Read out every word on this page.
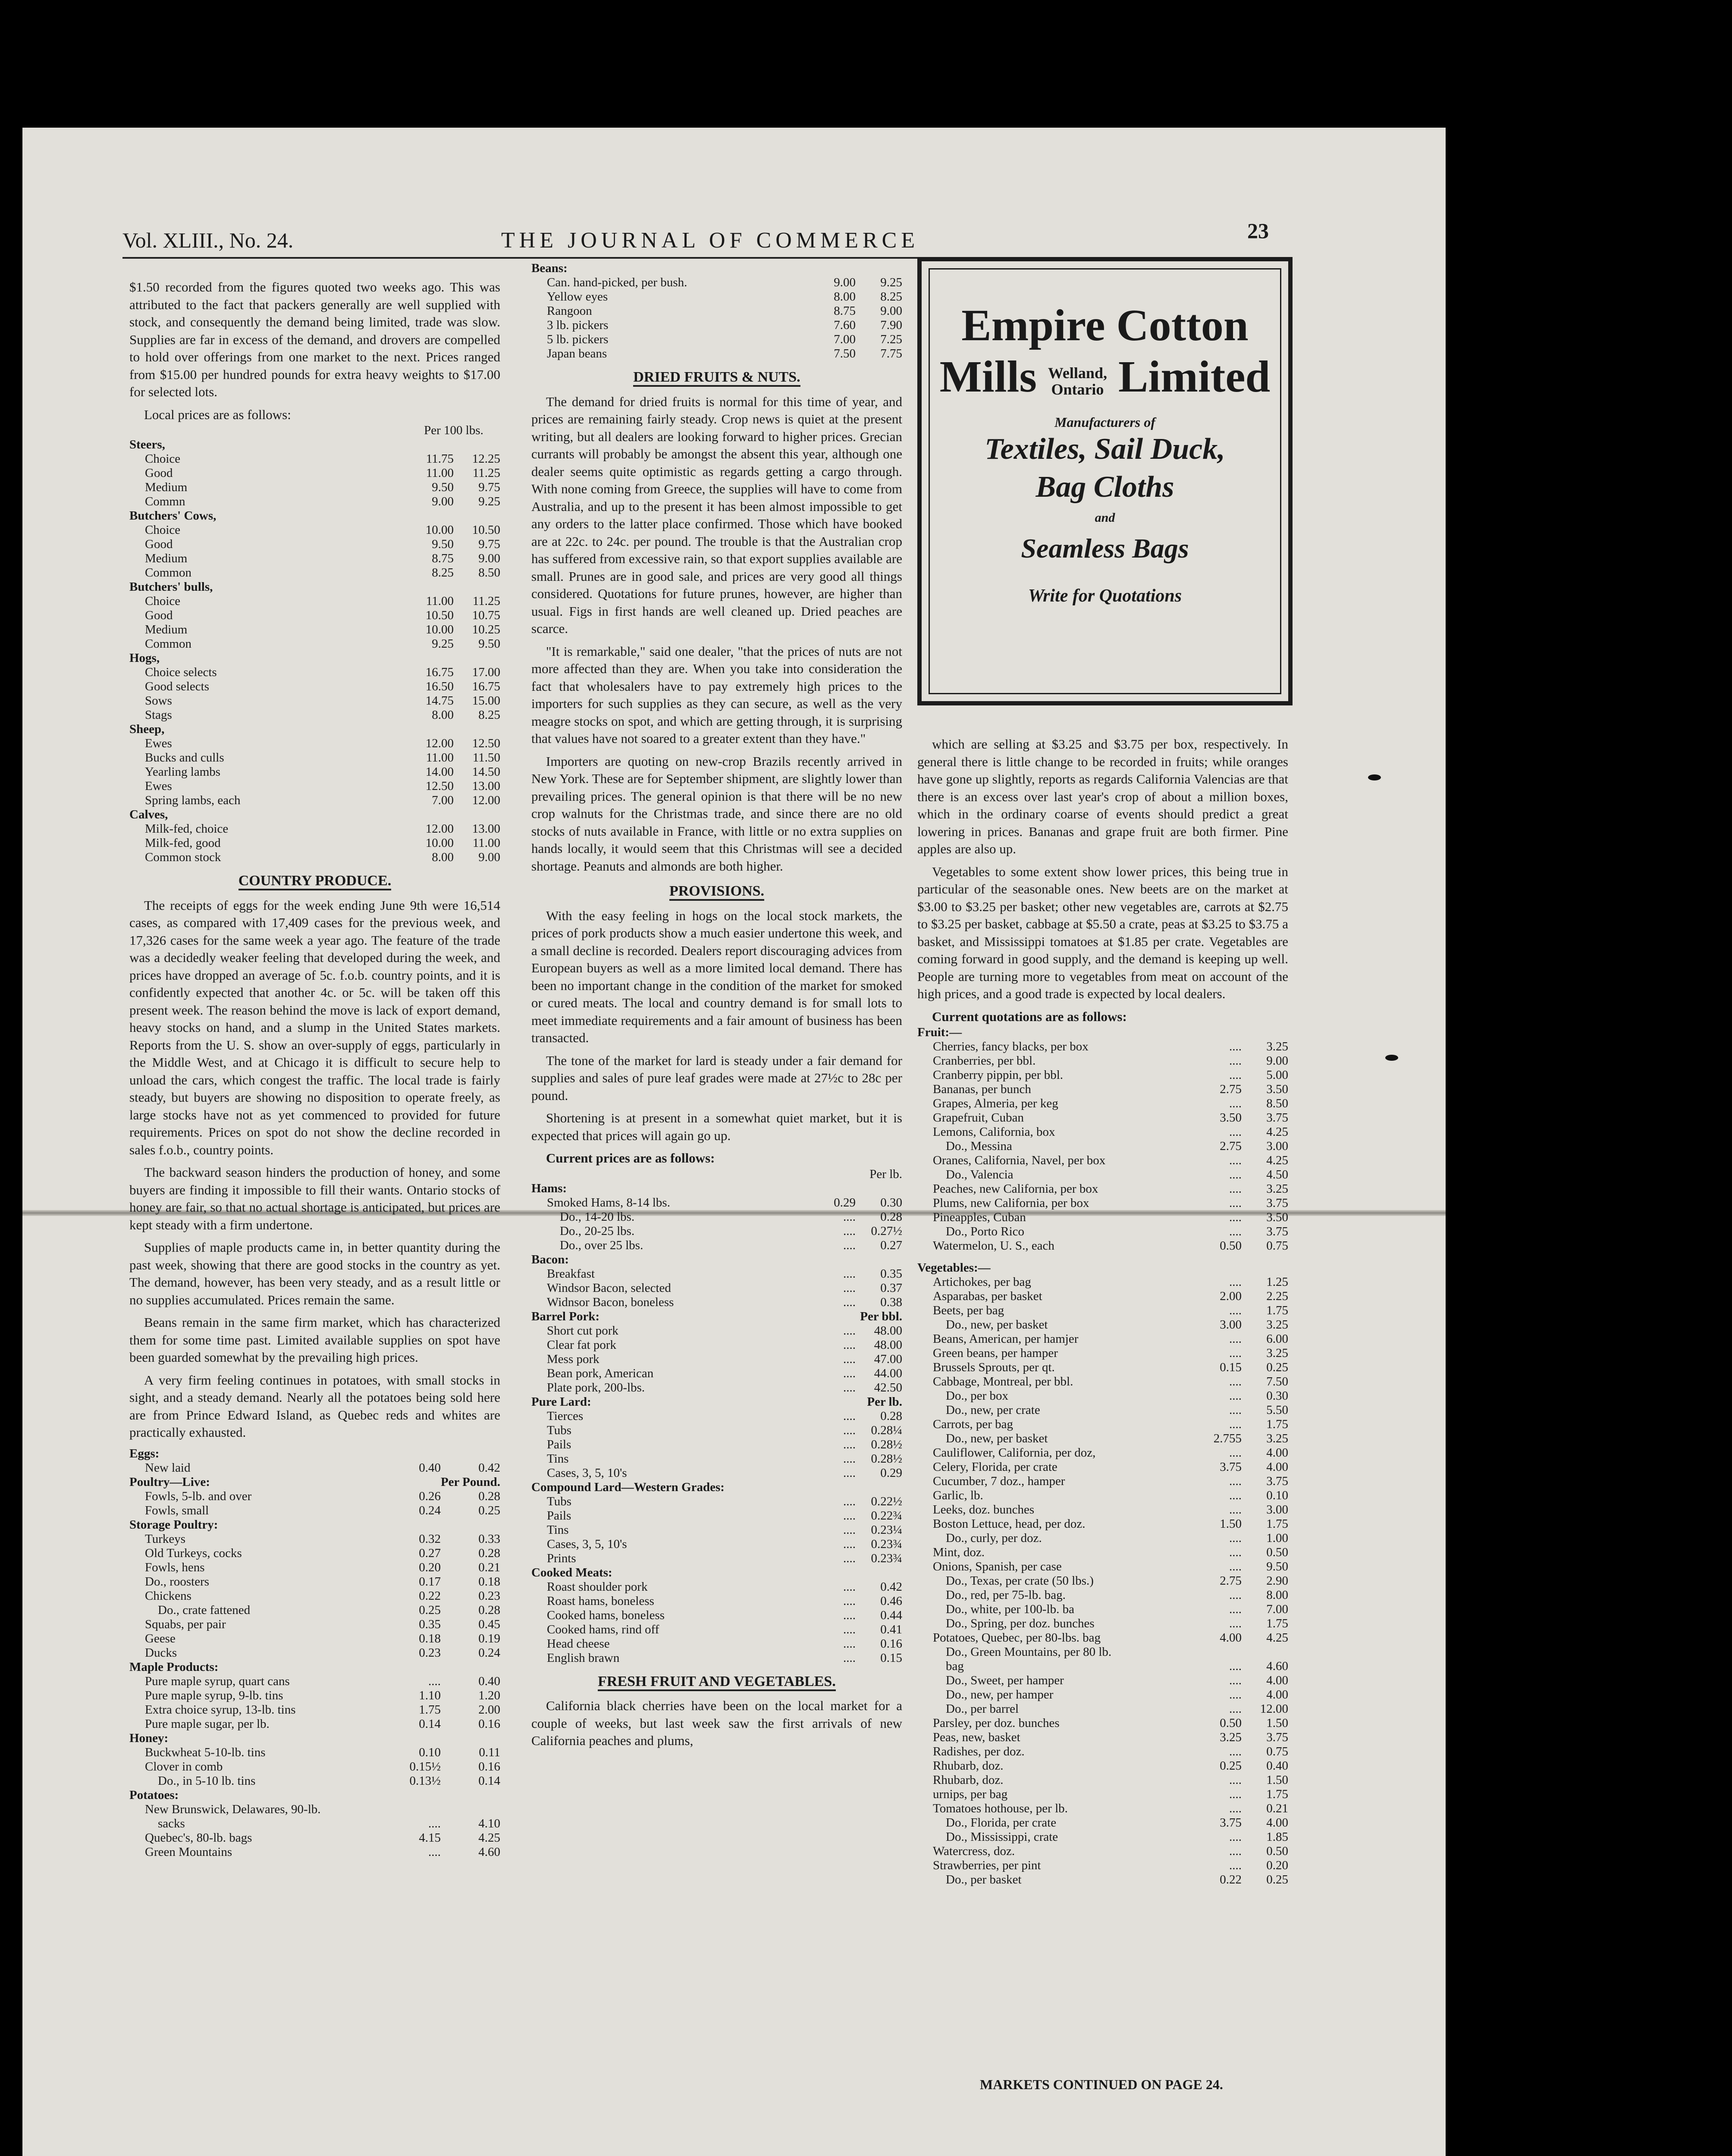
Vol. XLIII., No. 24.	THE JOURNAL OF COMMERCE	23

$1.50 recorded from the figures quoted two weeks ago. This was attributed to the fact that packers generally are well supplied with stock, and consequently the demand being limited, trade was slow. Supplies are far in excess of the demand, and drovers are compelled to hold over offerings from one market to the next. Prices ranged from $15.00 per hundred pounds for extra heavy weights to $17.00 for selected lots.

Local prices are as follows:

	Per 100 lbs.	
Steers,		
Choice	11.75	12.25
Good	11.00	11.25
Medium	9.50	9.75
Commn	9.00	9.25
Butchers' Cows,		
Choice	10.00	10.50
Good	9.50	9.75
Medium	8.75	9.00
Common	8.25	8.50
Butchers' bulls,		
Choice	11.00	11.25
Good	10.50	10.75
Medium	10.00	10.25
Common	9.25	9.50
Hogs,		
Choice selects	16.75	17.00
Good selects	16.50	16.75
Sows	14.75	15.00
Stags	8.00	8.25
Sheep,		
Ewes	12.00	12.50
Bucks and culls	11.00	11.50
Yearling lambs	14.00	14.50
Ewes	12.50	13.00
Spring lambs, each	7.00	12.00
Calves,		
Milk-fed, choice	12.00	13.00
Milk-fed, good	10.00	11.00
Common stock	8.00	9.00
COUNTRY PRODUCE.

The receipts of eggs for the week ending June 9th were 16,514 cases, as compared with 17,409 cases for the previous week, and 17,326 cases for the same week a year ago. The feature of the trade was a decidedly weaker feeling that developed during the week, and prices have dropped an average of 5c. f.o.b. country points, and it is confidently expected that another 4c. or 5c. will be taken off this present week. The reason behind the move is lack of export demand, heavy stocks on hand, and a slump in the United States markets. Reports from the U. S. show an over-supply of eggs, particularly in the Middle West, and at Chicago it is difficult to secure help to unload the cars, which congest the traffic. The local trade is fairly steady, but buyers are showing no disposition to operate freely, as large stocks have not as yet commenced to provided for future requirements. Prices on spot do not show the decline recorded in sales f.o.b., country points.

The backward season hinders the production of honey, and some buyers are finding it impossible to fill their wants. Ontario stocks of honey are fair, so that no actual shortage is anticipated, but prices are kept steady with a firm undertone.

Supplies of maple products came in, in better quantity during the past week, showing that there are good stocks in the country as yet. The demand, however, has been very steady, and as a result little or no supplies accumulated. Prices remain the same.

Beans remain in the same firm market, which has characterized them for some time past. Limited available supplies on spot have been guarded somewhat by the prevailing high prices.

A very firm feeling continues in potatoes, with small stocks in sight, and a steady demand. Nearly all the potatoes being sold here are from Prince Edward Island, as Quebec reds and whites are practically exhausted.

Eggs:		
New laid	0.40	0.42
Poultry—Live:		Per Pound.
Fowls, 5-lb. and over	0.26	0.28
Fowls, small	0.24	0.25
Storage Poultry:		
Turkeys	0.32	0.33
Old Turkeys, cocks	0.27	0.28
Fowls, hens	0.20	0.21
Do., roosters	0.17	0.18
Chickens	0.22	0.23
Do., crate fattened	0.25	0.28
Squabs, per pair	0.35	0.45
Geese	0.18	0.19
Ducks	0.23	0.24
Maple Products:		
Pure maple syrup, quart cans	....	0.40
Pure maple syrup, 9-lb. tins	1.10	1.20
Extra choice syrup, 13-lb. tins	1.75	2.00
Pure maple sugar, per lb.	0.14	0.16
Honey:		
Buckwheat 5-10-lb. tins	0.10	0.11
Clover in comb	0.15½	0.16
Do., in 5-10 lb. tins	0.13½	0.14
Potatoes:		
New Brunswick, Delawares, 90-lb.		
sacks	....	4.10
Quebec's, 80-lb. bags	4.15	4.25
Green Mountains	....	4.60
Beans:		
Can. hand-picked, per bush.	9.00	9.25
Yellow eyes	8.00	8.25
Rangoon	8.75	9.00
3 lb. pickers	7.60	7.90
5 lb. pickers	7.00	7.25
Japan beans	7.50	7.75
DRIED FRUITS & NUTS.

The demand for dried fruits is normal for this time of year, and prices are remaining fairly steady. Crop news is quiet at the present writing, but all dealers are looking forward to higher prices. Grecian currants will probably be amongst the absent this year, although one dealer seems quite optimistic as regards getting a cargo through. With none coming from Greece, the supplies will have to come from Australia, and up to the present it has been almost impossible to get any orders to the latter place confirmed. Those which have booked are at 22c. to 24c. per pound. The trouble is that the Australian crop has suffered from excessive rain, so that export supplies available are small. Prunes are in good sale, and prices are very good all things considered. Quotations for future prunes, however, are higher than usual. Figs in first hands are well cleaned up. Dried peaches are scarce.

"It is remarkable," said one dealer, "that the prices of nuts are not more affected than they are. When you take into consideration the fact that wholesalers have to pay extremely high prices to the importers for such supplies as they can secure, as well as the very meagre stocks on spot, and which are getting through, it is surprising that values have not soared to a greater extent than they have."

Importers are quoting on new-crop Brazils recently arrived in New York. These are for September shipment, are slightly lower than prevailing prices. The general opinion is that there will be no new crop walnuts for the Christmas trade, and since there are no old stocks of nuts available in France, with little or no extra supplies on hands locally, it would seem that this Christmas will see a decided shortage. Peanuts and almonds are both higher.

PROVISIONS.

With the easy feeling in hogs on the local stock markets, the prices of pork products show a much easier undertone this week, and a small decline is recorded. Dealers report discouraging advices from European buyers as well as a more limited local demand. There has been no important change in the condition of the market for smoked or cured meats. The local and country demand is for small lots to meet immediate requirements and a fair amount of business has been transacted.

The tone of the market for lard is steady under a fair demand for supplies and sales of pure leaf grades were made at 27½c to 28c per pound.

Shortening is at present in a somewhat quiet market, but it is expected that prices will again go up.

Current prices are as follows:

		Per lb.
Hams:		
Smoked Hams, 8-14 lbs.	0.29	0.30
Do., 14-20 lbs.	....	0.28
Do., 20-25 lbs.	....	0.27½
Do., over 25 lbs.	....	0.27
Bacon:		
Breakfast	....	0.35
Windsor Bacon, selected	....	0.37
Widnsor Bacon, boneless	....	0.38
Barrel Pork:		Per bbl.
Short cut pork	....	48.00
Clear fat pork	....	48.00
Mess pork	....	47.00
Bean pork, American	....	44.00
Plate pork, 200-lbs.	....	42.50
Pure Lard:		Per lb.
Tierces	....	0.28
Tubs	....	0.28¼
Pails	....	0.28½
Tins	....	0.28½
Cases, 3, 5, 10's	....	0.29
Compound Lard—Western Grades:		
Tubs	....	0.22½
Pails	....	0.22¾
Tins	....	0.23¼
Cases, 3, 5, 10's	....	0.23¾
Prints	....	0.23¾
Cooked Meats:		
Roast shoulder pork	....	0.42
Roast hams, boneless	....	0.46
Cooked hams, boneless	....	0.44
Cooked hams, rind off	....	0.41
Head cheese	....	0.16
English brawn	....	0.15
FRESH FRUIT AND VEGETABLES.

California black cherries have been on the local market for a couple of weeks, but last week saw the first arrivals of new California peaches and plums,

Empire Cotton
Mills Welland,
Ontario Limited
Manufacturers of
Textiles, Sail Duck,
Bag Cloths
and
Seamless Bags
Write for Quotations

which are selling at $3.25 and $3.75 per box, respectively. In general there is little change to be recorded in fruits; while oranges have gone up slightly, reports as regards California Valencias are that there is an excess over last year's crop of about a million boxes, which in the ordinary coarse of events should predict a great lowering in prices. Bananas and grape fruit are both firmer. Pine apples are also up.

Vegetables to some extent show lower prices, this being true in particular of the seasonable ones. New beets are on the market at $3.00 to $3.25 per basket; other new vegetables are, carrots at $2.75 to $3.25 per basket, cabbage at $5.50 a crate, peas at $3.25 to $3.75 a basket, and Mississippi tomatoes at $1.85 per crate. Vegetables are coming forward in good supply, and the demand is keeping up well. People are turning more to vegetables from meat on account of the high prices, and a good trade is expected by local dealers.

Current quotations are as follows:

Fruit:—		
Cherries, fancy blacks, per box	....	3.25
Cranberries, per bbl.	....	9.00
Cranberry pippin, per bbl.	....	5.00
Bananas, per bunch	2.75	3.50
Grapes, Almeria, per keg	....	8.50
Grapefruit, Cuban	3.50	3.75
Lemons, California, box	....	4.25
Do., Messina	2.75	3.00
Oranes, California, Navel, per box	....	4.25
Do., Valencia	....	4.50
Peaches, new California, per box	....	3.25
Plums, new California, per box	....	3.75
Pineapples, Cuban	....	3.50
Do., Porto Rico	....	3.75
Watermelon, U. S., each	0.50	0.75
Vegetables:—		
Artichokes, per bag	....	1.25
Asparabas, per basket	2.00	2.25
Beets, per bag	....	1.75
Do., new, per basket	3.00	3.25
Beans, American, per hamjer	....	6.00
Green beans, per hamper	....	3.25
Brussels Sprouts, per qt.	0.15	0.25
Cabbage, Montreal, per bbl.	....	7.50
Do., per box	....	0.30
Do., new, per crate	....	5.50
Carrots, per bag	....	1.75
Do., new, per basket	2.755	3.25
Cauliflower, California, per doz,	....	4.00
Celery, Florida, per crate	3.75	4.00
Cucumber, 7 doz., hamper	....	3.75
Garlic, lb.	....	0.10
Leeks, doz. bunches	....	3.00
Boston Lettuce, head, per doz.	1.50	1.75
Do., curly, per doz.	....	1.00
Mint, doz.	....	0.50
Onions, Spanish, per case	....	9.50
Do., Texas, per crate (50 lbs.)	2.75	2.90
Do., red, per 75-lb. bag.	....	8.00
Do., white, per 100-lb. ba	....	7.00
Do., Spring, per doz. bunches	....	1.75
Potatoes, Quebec, per 80-lbs. bag	4.00	4.25
Do., Green Mountains, per 80 lb.		
bag	....	4.60
Do., Sweet, per hamper	....	4.00
Do., new, per hamper	....	4.00
Do., per barrel	....	12.00
Parsley, per doz. bunches	0.50	1.50
Peas, new, basket	3.25	3.75
Radishes, per doz.	....	0.75
Rhubarb, doz.	0.25	0.40
Rhubarb, doz.	....	1.50
urnips, per bag	....	1.75
Tomatoes hothouse, per lb.	....	0.21
Do., Florida, per crate	3.75	4.00
Do., Mississippi, crate	....	1.85
Watercress, doz.	....	0.50
Strawberries, per pint	....	0.20
Do., per basket	0.22	0.25
MARKETS CONTINUED ON PAGE 24.
